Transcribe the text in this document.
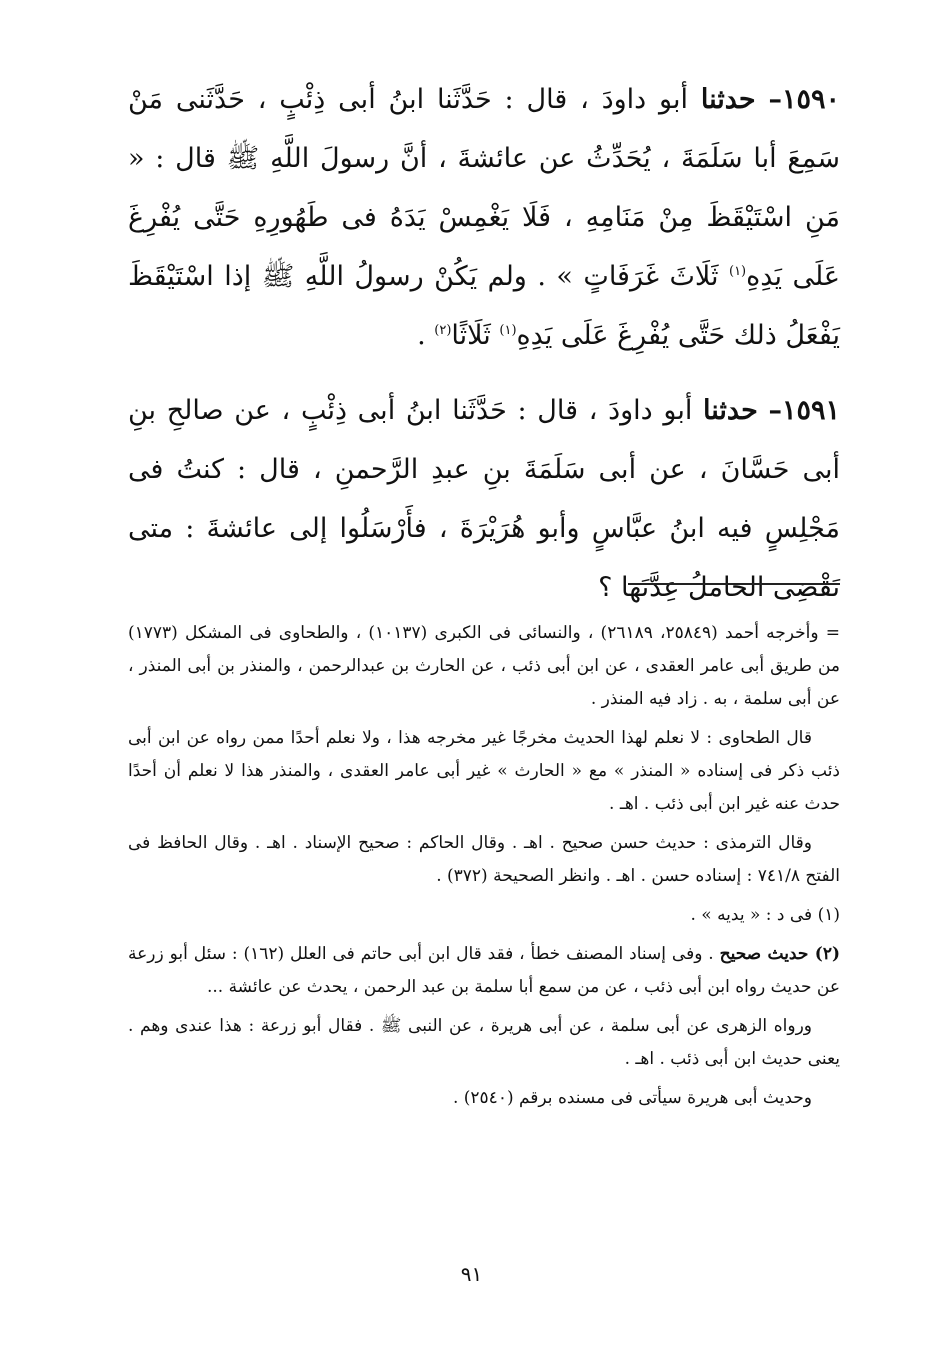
١٥٩٠– حدثنا أبو داودَ ، قال : حَدَّثَنا ابنُ أبى ذِئْبٍ ، حَدَّثَنى مَنْ سَمِعَ أبا سَلَمَةَ ، يُحَدِّثُ عن عائشةَ ، أنَّ رسولَ اللَّهِ ﷺ قال : « مَنِ اسْتَيْقَظَ مِنْ مَنَامِهِ ، فَلَا يَغْمِسْ يَدَهُ فى طَهُورِهِ حَتَّى يُفْرِغَ عَلَى يَدِهِ$^{(١)}$ ثَلَاثَ غَرَفَاتٍ » . ولم يَكُنْ رسولُ اللَّهِ ﷺ إذا اسْتَيْقَظَ يَفْعَلُ ذلك حَتَّى يُفْرِغَ عَلَى يَدِهِ$^{(١)}$ ثَلَاثًا$^{(٢)}$ .

١٥٩١– حدثنا أبو داودَ ، قال : حَدَّثَنا ابنُ أبى ذِئْبٍ ، عن صالحِ بنِ أبى حَسَّانَ ، عن أبى سَلَمَةَ بنِ عبدِ الرَّحمنِ ، قال : كنتُ فى مَجْلِسٍ فيه ابنُ عبَّاسٍ وأبو هُرَيْرَةَ ، فأَرْسَلُوا إلى عائشةَ : متى تَقْضِى الحاملُ عِدَّتَها ؟

= وأخرجه أحمد (٢٥٨٤٩، ٢٦١٨٩) ، والنسائى فى الكبرى (١٠١٣٧) ، والطحاوى فى المشكل (١٧٧٣) من طريق أبى عامر العقدى ، عن ابن أبى ذئب ، عن الحارث بن عبدالرحمن ، والمنذر بن أبى المنذر ، عن أبى سلمة ، به . زاد فيه المنذر .

قال الطحاوى : لا نعلم لهذا الحديث مخرجًا غير مخرجه هذا ، ولا نعلم أحدًا ممن رواه عن ابن أبى ذئب ذكر فى إسناده « المنذر » مع « الحارث » غير أبى عامر العقدى ، والمنذر هذا لا نعلم أن أحدًا حدث عنه غير ابن أبى ذئب . اهـ .

وقال الترمذى : حديث حسن صحيح . اهـ . وقال الحاكم : صحيح الإسناد . اهـ . وقال الحافظ فى الفتح ٧٤١/٨ : إسناده حسن . اهـ . وانظر الصحيحة (٣٧٢) .

(١) فى د : « يديه » .

(٢) حديث صحيح . وفى إسناد المصنف خطأ ، فقد قال ابن أبى حاتم فى العلل (١٦٢) : سئل أبو زرعة عن حديث رواه ابن أبى ذئب ، عن من سمع أبا سلمة بن عبد الرحمن ، يحدث عن عائشة ...

ورواه الزهرى عن أبى سلمة ، عن أبى هريرة ، عن النبى ﷺ . فقال أبو زرعة : هذا عندى وهم . يعنى حديث ابن أبى ذئب . اهـ .

وحديث أبى هريرة سيأتى فى مسنده برقم (٢٥٤٠) .

٩١
